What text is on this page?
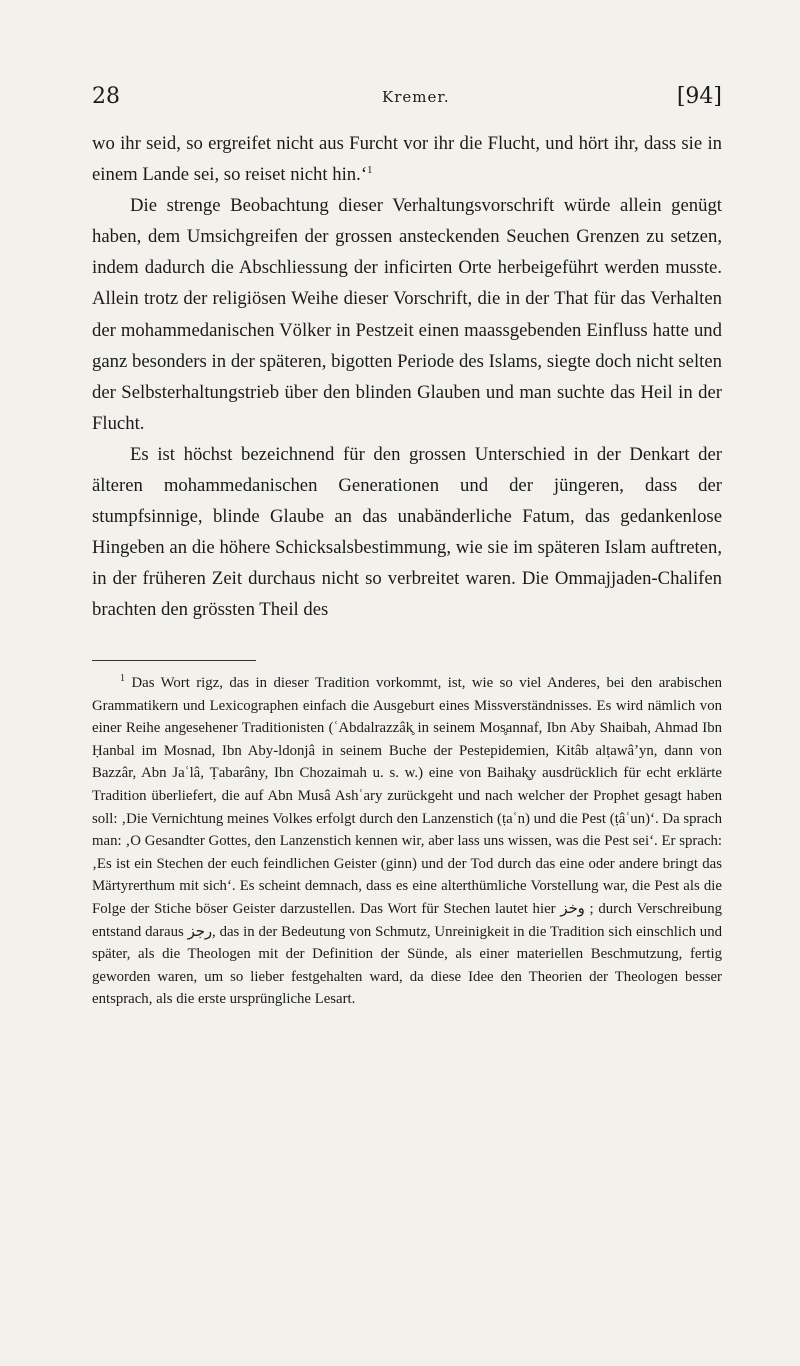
28	Kremer.	[94]

wo ihr seid, so ergreifet nicht aus Furcht vor ihr die Flucht, und hört ihr, dass sie in einem Lande sei, so reiset nicht hin.‘$^1$

Die strenge Beobachtung dieser Verhaltungsvorschrift würde allein genügt haben, dem Umsichgreifen der grossen ansteckenden Seuchen Grenzen zu setzen, indem dadurch die Abschliessung der inficirten Orte herbeigeführt werden musste. Allein trotz der religiösen Weihe dieser Vorschrift, die in der That für das Verhalten der mohammedanischen Völker in Pestzeit einen maassgebenden Einfluss hatte und ganz besonders in der späteren, bigotten Periode des Islams, siegte doch nicht selten der Selbsterhaltungstrieb über den blinden Glauben und man suchte das Heil in der Flucht.

Es ist höchst bezeichnend für den grossen Unterschied in der Denkart der älteren mohammedanischen Generationen und der jüngeren, dass der stumpfsinnige, blinde Glaube an das unabänderliche Fatum, das gedankenlose Hingeben an die höhere Schicksalsbestimmung, wie sie im späteren Islam auftreten, in der früheren Zeit durchaus nicht so verbreitet waren. Die Ommajjaden-Chalifen brachten den grössten Theil des

$^1$ Das Wort rigz, das in dieser Tradition vorkommt, ist, wie so viel Anderes, bei den arabischen Grammatikern und Lexicographen einfach die Ausgeburt eines Missverständnisses. Es wird nämlich von einer Reihe angesehener Traditionisten (ʿAbdalrazzâk̥ in seinem Mos̥annaf, Ibn Aby Shaibah, Ahmad Ibn Ḥanbal im Mosnad, Ibn Aby-ldonjâ in seinem Buche der Pestepidemien, Kitâb alṭawâʼyn, dann von Bazzâr, Abn Jaʿlâ, Ṭabarâny, Ibn Chozaimah u. s. w.) eine von Baihak̥y ausdrücklich für echt erklärte Tradition überliefert, die auf Abn Musâ Ashʿary zurückgeht und nach welcher der Prophet gesagt haben soll: ‚Die Vernichtung meines Volkes erfolgt durch den Lanzenstich (ṭaʿn) und die Pest (ṭâʿun)‘. Da sprach man: ‚O Gesandter Gottes, den Lanzenstich kennen wir, aber lass uns wissen, was die Pest sei‘. Er sprach: ‚Es ist ein Stechen der euch feindlichen Geister (ginn) und der Tod durch das eine oder andere bringt das Märtyrerthum mit sich‘. Es scheint demnach, dass es eine alterthümliche Vorstellung war, die Pest als die Folge der Stiche böser Geister darzustellen. Das Wort für Stechen lautet hier وخز ; durch Verschreibung entstand daraus رجز, das in der Bedeutung von Schmutz, Unreinigkeit in die Tradition sich einschlich und später, als die Theologen mit der Definition der Sünde, als einer materiellen Beschmutzung, fertig geworden waren, um so lieber festgehalten ward, da diese Idee den Theorien der Theologen besser entsprach, als die erste ursprüngliche Lesart.
